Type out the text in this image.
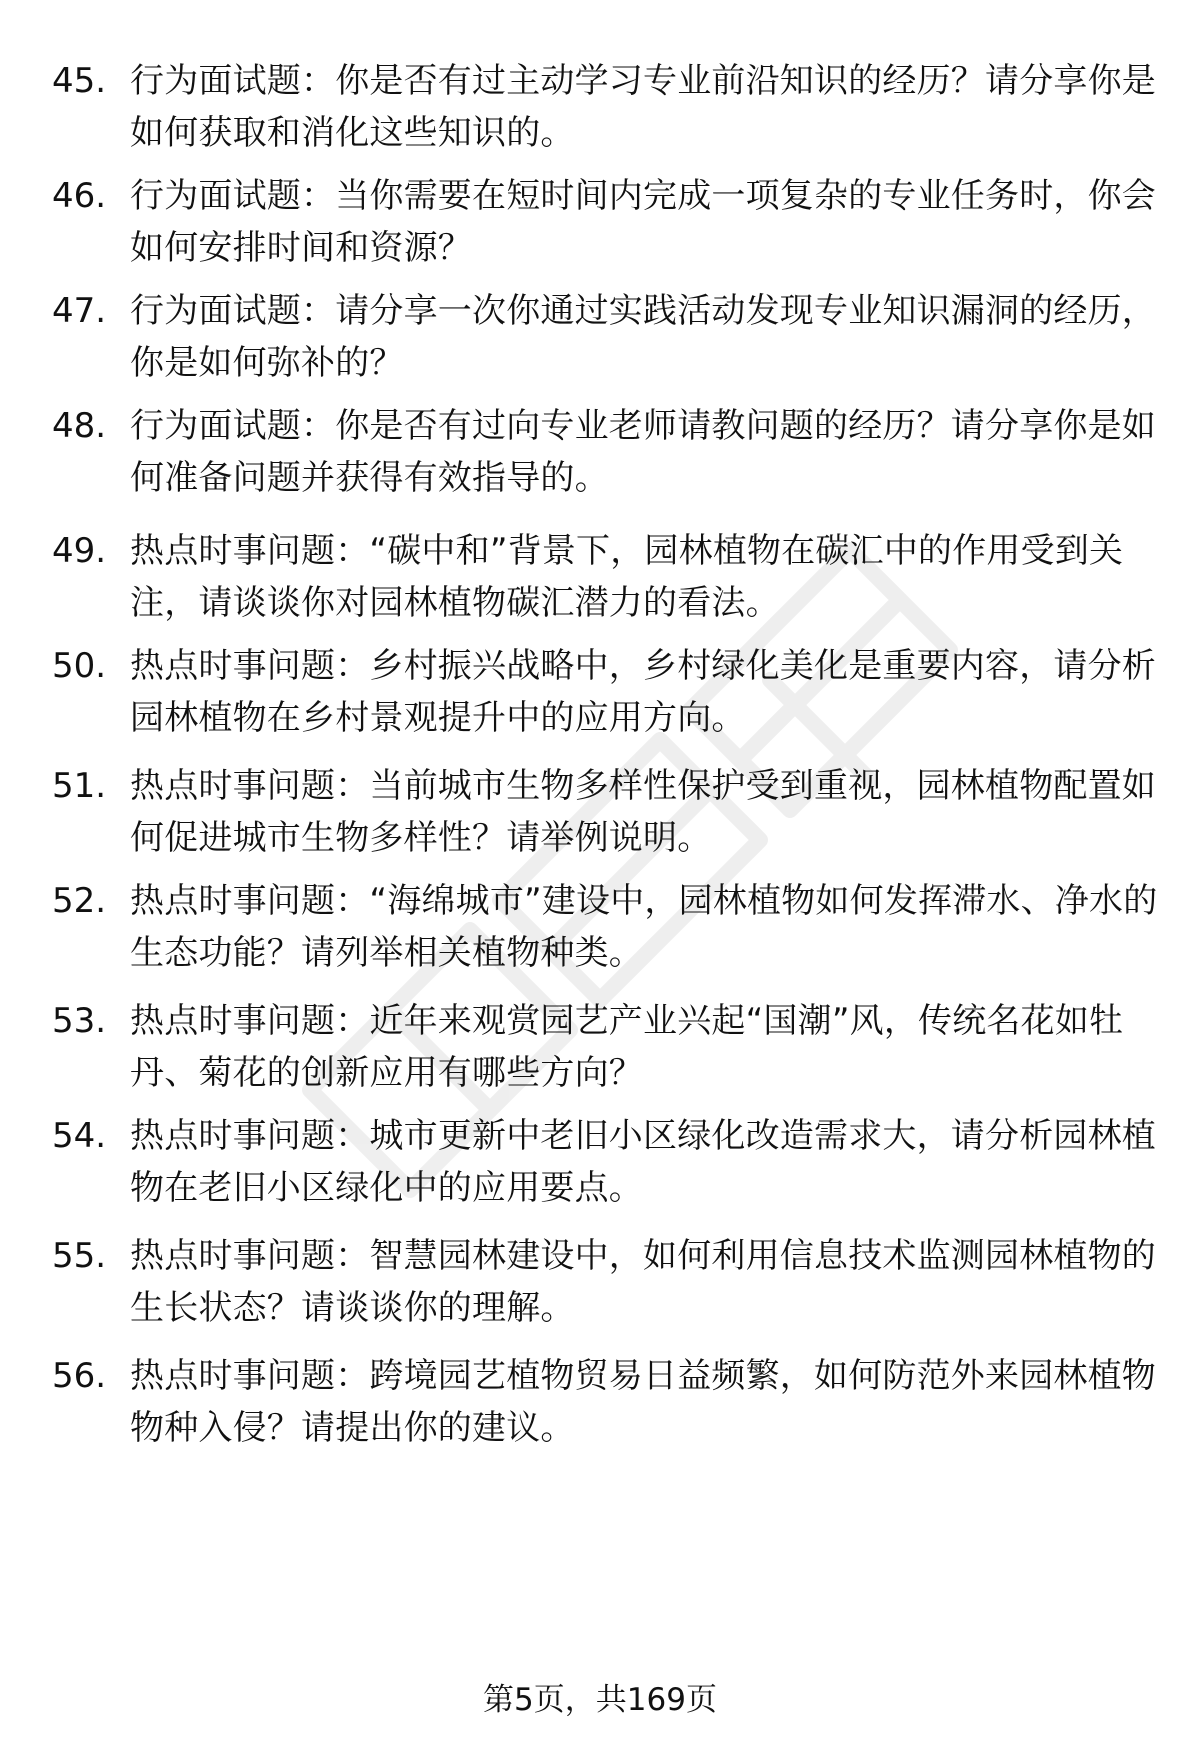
45. 行为面试题：你是否有过主动学习专业前沿知识的经历？请分享你是如何获取和消化这些知识的。
46. 行为面试题：当你需要在短时间内完成一项复杂的专业任务时，你会如何安排时间和资源？
47. 行为面试题：请分享一次你通过实践活动发现专业知识漏洞的经历，你是如何弥补的？
48. 行为面试题：你是否有过向专业老师请教问题的经历？请分享你是如何准备问题并获得有效指导的。
49. 热点时事问题：“碳中和”背景下，园林植物在碳汇中的作用受到关注，请谈谈你对园林植物碳汇潜力的看法。
50. 热点时事问题：乡村振兴战略中，乡村绿化美化是重要内容，请分析园林植物在乡村景观提升中的应用方向。
51. 热点时事问题：当前城市生物多样性保护受到重视，园林植物配置如何促进城市生物多样性？请举例说明。
52. 热点时事问题：“海绵城市”建设中，园林植物如何发挥滞水、净水的生态功能？请列举相关植物种类。
53. 热点时事问题：近年来观赏园艺产业兴起“国潮”风，传统名花如牡丹、菊花的创新应用有哪些方向？
54. 热点时事问题：城市更新中老旧小区绿化改造需求大，请分析园林植物在老旧小区绿化中的应用要点。
55. 热点时事问题：智慧园林建设中，如何利用信息技术监测园林植物的生长状态？请谈谈你的理解。
56. 热点时事问题：跨境园艺植物贸易日益频繁，如何防范外来园林植物物种入侵？请提出你的建议。
第5页，共169页
